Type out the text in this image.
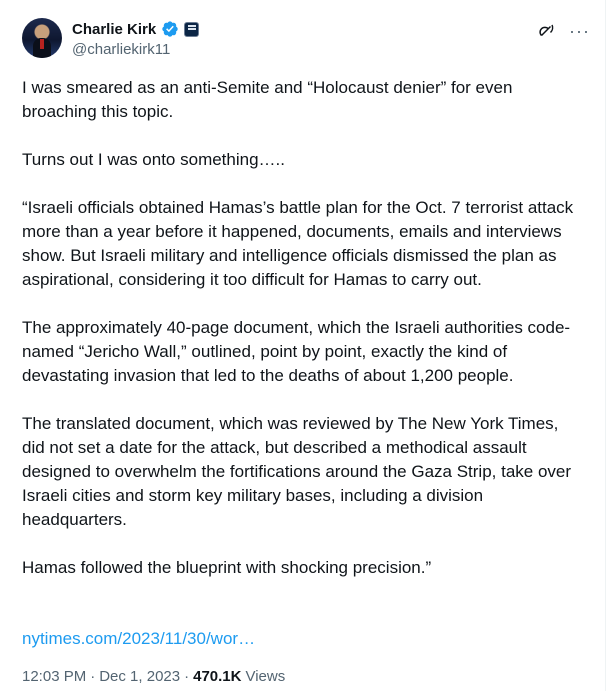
Charlie Kirk
@charliekirk11
···

I was smeared as an anti-Semite and “Holocaust denier” for even broaching this topic.

Turns out I was onto something…..

“Israeli officials obtained Hamas’s battle plan for the Oct. 7 terrorist attack more than a year before it happened, documents, emails and interviews show. But Israeli military and intelligence officials dismissed the plan as aspirational, considering it too difficult for Hamas to carry out.

The approximately 40-page document, which the Israeli authorities code-named “Jericho Wall,” outlined, point by point, exactly the kind of devastating invasion that led to the deaths of about 1,200 people.

The translated document, which was reviewed by The New York Times, did not set a date for the attack, but described a methodical assault designed to overwhelm the fortifications around the Gaza Strip, take over Israeli cities and storm key military bases, including a division headquarters.

Hamas followed the blueprint with shocking precision.”

nytimes.com/2023/11/30/wor…
12:03 PM · Dec 1, 2023 · 470.1K Views
